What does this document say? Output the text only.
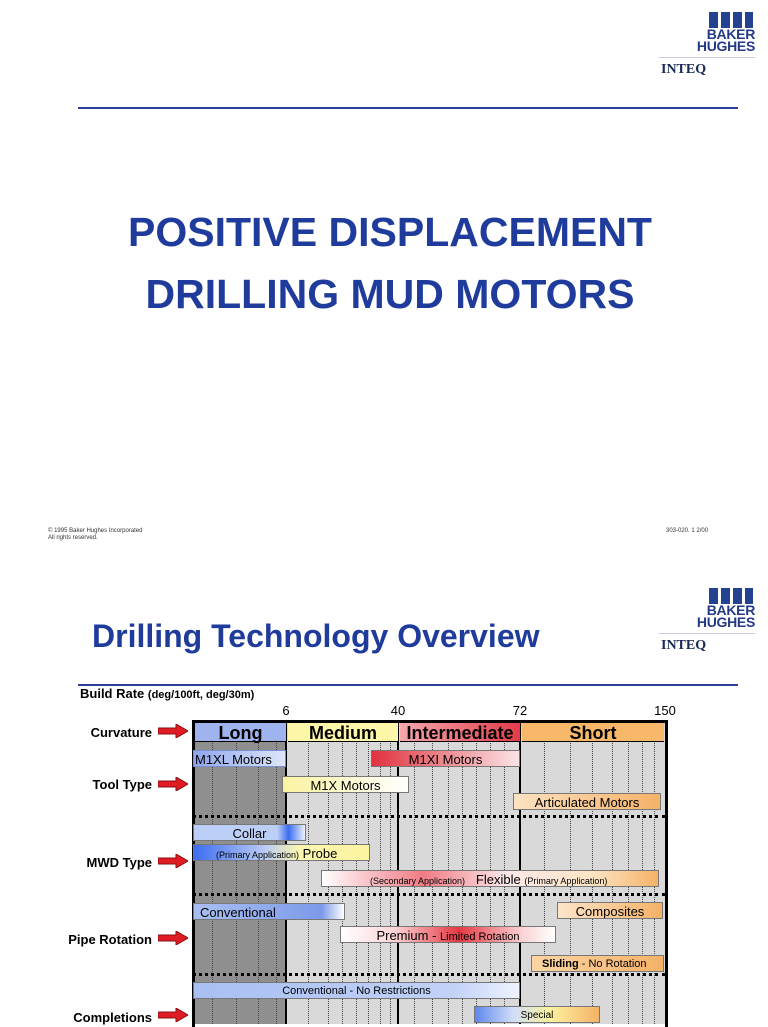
BAKER
HUGHES
INTEQ
POSITIVE DISPLACEMENT
DRILLING MUD MOTORS
© 1995 Baker Hughes Incorporated
All rights reserved.
303-020. 1 2/00
BAKER
HUGHES
INTEQ
Drilling Technology Overview
Build Rate (deg/100ft, deg/30m)
6	40	72	150
Long	Medium	Intermediate	Short
M1XL Motors	M1XI Motors
M1X Motors
Articulated Motors
Collar
(Primary Application) Probe
(Secondary Application) Flexible (Primary Application)
Conventional	Composites
Premium - Limited Rotation
Sliding - No Rotation
Conventional - No Restrictions
Special
Curvature
Tool Type
MWD Type
Pipe Rotation
Completions
